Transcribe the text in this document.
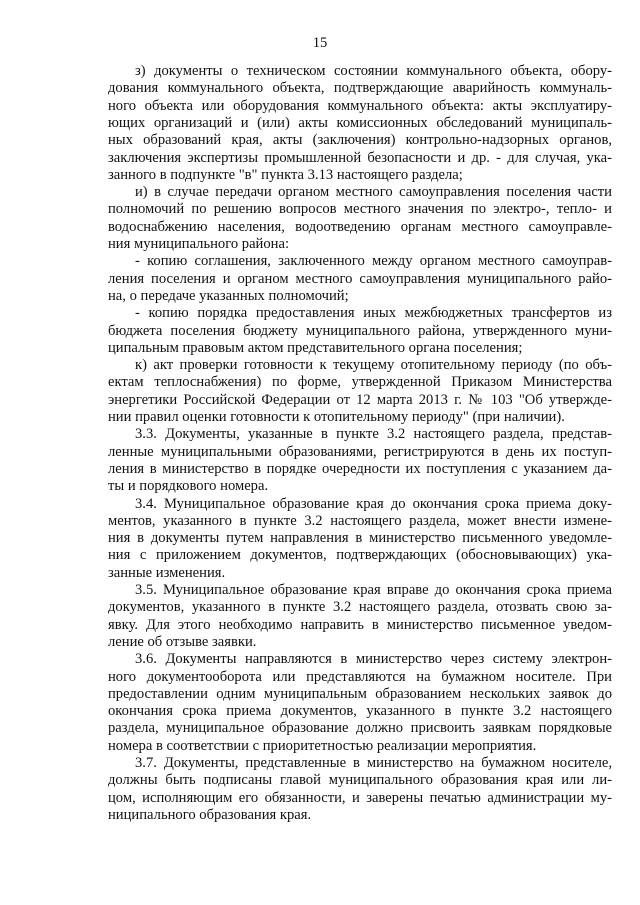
15
з) документы о техническом состоянии коммунального объекта, обору-
дования коммунального объекта, подтверждающие аварийность коммуналь-
ного объекта или оборудования коммунального объекта: акты эксплуатиру-
ющих организаций и (или) акты комиссионных обследований муниципаль-
ных образований края, акты (заключения) контрольно-надзорных органов,
заключения экспертизы промышленной безопасности и др. - для случая, ука-
занного в подпункте "в" пункта 3.13 настоящего раздела;
и) в случае передачи органом местного самоуправления поселения части
полномочий по решению вопросов местного значения по электро-, тепло- и
водоснабжению населения, водоотведению органам местного самоуправле-
ния муниципального района:
- копию соглашения, заключенного между органом местного самоуправ-
ления поселения и органом местного самоуправления муниципального райо-
на, о передаче указанных полномочий;
- копию порядка предоставления иных межбюджетных трансфертов из
бюджета поселения бюджету муниципального района, утвержденного муни-
ципальным правовым актом представительного органа поселения;
к) акт проверки готовности к текущему отопительному периоду (по объ-
ектам теплоснабжения) по форме, утвержденной Приказом Министерства
энергетики Российской Федерации от 12 марта 2013 г. № 103 "Об утвержде-
нии правил оценки готовности к отопительному периоду" (при наличии).
3.3. Документы, указанные в пункте 3.2 настоящего раздела, представ-
ленные муниципальными образованиями, регистрируются в день их поступ-
ления в министерство в порядке очередности их поступления с указанием да-
ты и порядкового номера.
3.4. Муниципальное образование края до окончания срока приема доку-
ментов, указанного в пункте 3.2 настоящего раздела, может внести измене-
ния в документы путем направления в министерство письменного уведомле-
ния с приложением документов, подтверждающих (обосновывающих) ука-
занные изменения.
3.5. Муниципальное образование края вправе до окончания срока приема
документов, указанного в пункте 3.2 настоящего раздела, отозвать свою за-
явку. Для этого необходимо направить в министерство письменное уведом-
ление об отзыве заявки.
3.6. Документы направляются в министерство через систему электрон-
ного документооборота или представляются на бумажном носителе. При
предоставлении одним муниципальным образованием нескольких заявок до
окончания срока приема документов, указанного в пункте 3.2 настоящего
раздела, муниципальное образование должно присвоить заявкам порядковые
номера в соответствии с приоритетностью реализации мероприятия.
3.7. Документы, представленные в министерство на бумажном носителе,
должны быть подписаны главой муниципального образования края или ли-
цом, исполняющим его обязанности, и заверены печатью администрации му-
ниципального образования края.
